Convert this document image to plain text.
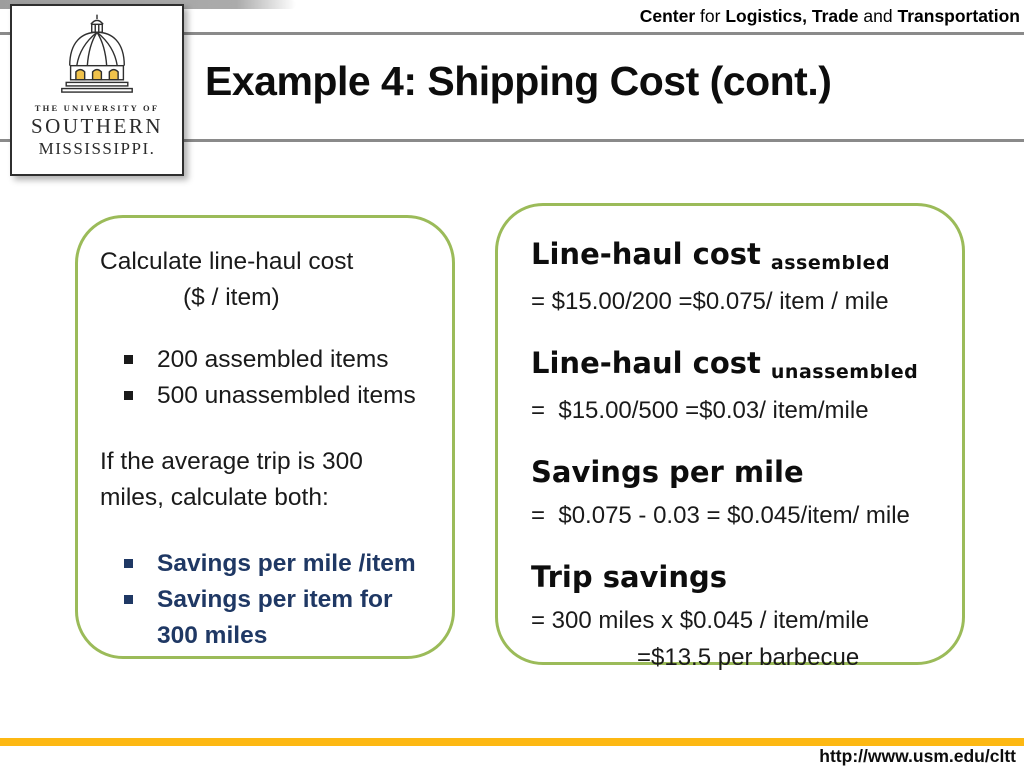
Center for Logistics, Trade and Transportation
THE UNIVERSITY OF
SOUTHERN
MISSISSIPPI.
Example 4: Shipping Cost (cont.)
Calculate line-haul cost
($ / item)
200 assembled items
500 unassembled items
If the average trip is 300 miles, calculate both:
Savings per mile /item
Savings per item for 300 miles
Line-haul cost assembled
= $15.00/200 =$0.075/ item / mile
Line-haul cost unassembled
=  $15.00/500 =$0.03/ item/mile
Savings per mile
=  $0.075 - 0.03 = $0.045/item/ mile
Trip savings
= 300 miles x $0.045 / item/mile
=$13.5 per barbecue
http://www.usm.edu/cltt
